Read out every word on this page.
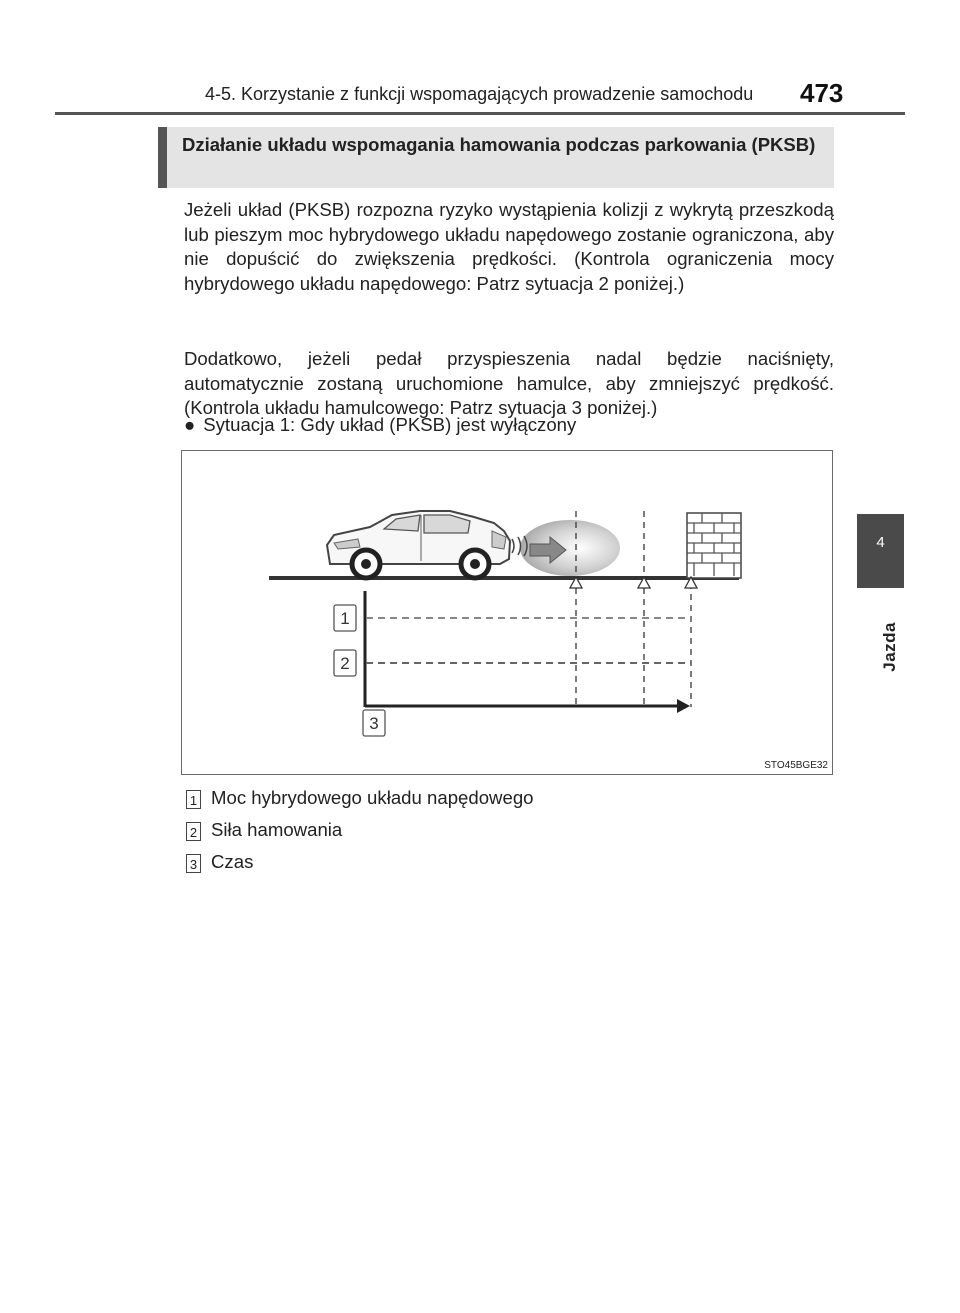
4-5. Korzystanie z funkcji wspomagających prowadzenie samochodu	473
4
Jazda
Działanie układu wspomagania hamowania podczas parkowania (PKSB)
Jeżeli układ (PKSB) rozpozna ryzyko wystąpienia kolizji z wykrytą przeszkodą lub pieszym moc hybrydowego układu napędowego zostanie ograniczona, aby nie dopuścić do zwiększenia prędkości. (Kontrola ograniczenia mocy hybrydowego układu napędowego: Patrz sytuacja 2 poniżej.)
Dodatkowo, jeżeli pedał przyspieszenia nadal będzie naciśnięty, automatycznie zostaną uruchomione hamulce, aby zmniejszyć prędkość. (Kontrola układu hamulcowego: Patrz sytuacja 3 poniżej.)
● Sytuacja 1: Gdy układ (PKSB) jest wyłączony
1
2
3
STO45BGE32
1 Moc hybrydowego układu napędowego
2 Siła hamowania
3 Czas
